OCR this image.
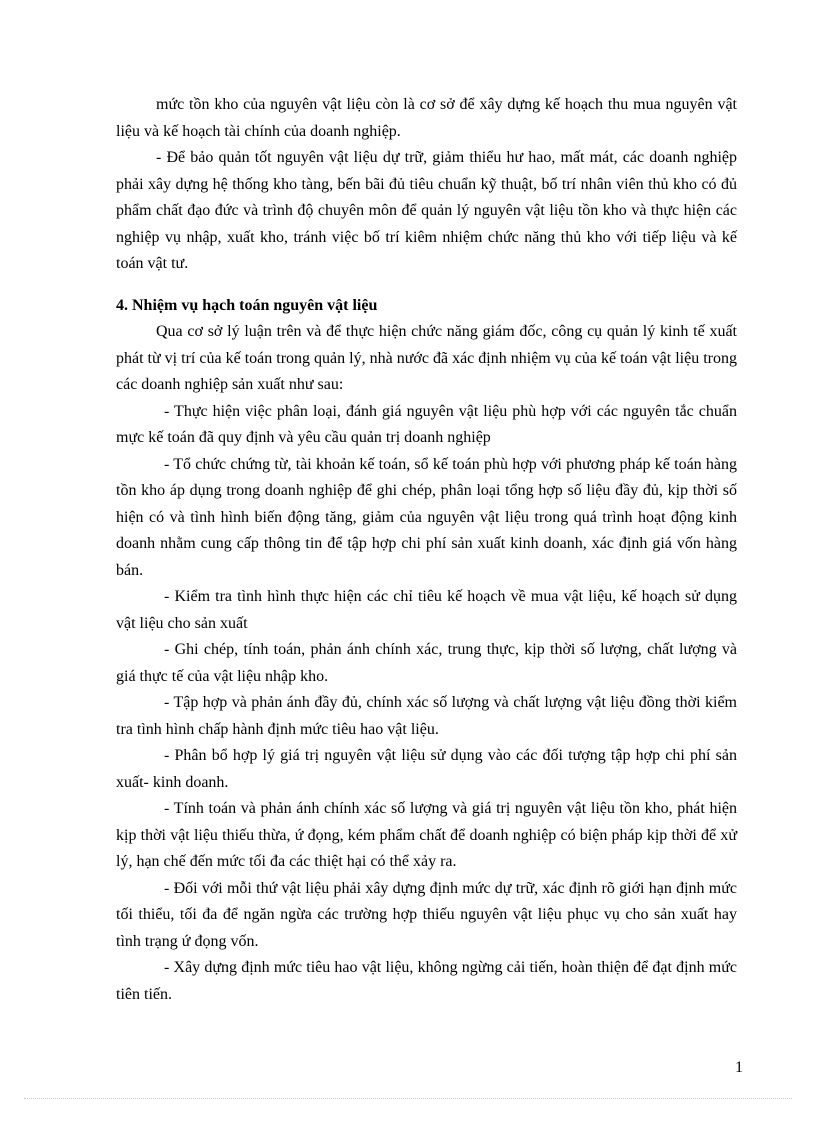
mức tồn kho của nguyên vật liệu còn là cơ sở để xây dựng kế hoạch thu mua nguyên vật liệu và kế hoạch tài chính của doanh nghiệp.

- Để bảo quản tốt nguyên vật liệu dự trữ, giảm thiểu hư hao, mất mát, các doanh nghiệp phải xây dựng hệ thống kho tàng, bến bãi đủ tiêu chuẩn kỹ thuật, bố trí nhân viên thủ kho có đủ phẩm chất đạo đức và trình độ chuyên môn để quản lý nguyên vật liệu tồn kho và thực hiện các nghiệp vụ nhập, xuất kho, tránh việc bố trí kiêm nhiệm chức năng thủ kho với tiếp liệu và kế toán vật tư.

4. Nhiệm vụ hạch toán nguyên vật liệu

Qua cơ sở lý luận trên và để thực hiện chức năng giám đốc, công cụ quản lý kinh tế xuất phát từ vị trí của kế toán trong quản lý, nhà nước đã xác định nhiệm vụ của kế toán vật liệu trong các doanh nghiệp sản xuất như sau:

- Thực hiện việc phân loại, đánh giá nguyên vật liệu phù hợp với các nguyên tắc chuẩn mực kế toán đã quy định và yêu cầu quản trị doanh nghiệp

- Tổ chức chứng từ, tài khoản kế toán, sổ kế toán phù hợp với phương pháp kế toán hàng tồn kho áp dụng trong doanh nghiệp để ghi chép, phân loại tổng hợp số liệu đầy đủ, kịp thời số hiện có và tình hình biến động tăng, giảm của nguyên vật liệu trong quá trình hoạt động kinh doanh nhằm cung cấp thông tin để tập hợp chi phí sản xuất kinh doanh, xác định giá vốn hàng bán.

- Kiểm tra tình hình thực hiện các chỉ tiêu kế hoạch về mua vật liệu, kế hoạch sử dụng vật liệu cho sản xuất

- Ghi chép, tính toán, phản ánh chính xác, trung thực, kịp thời số lượng, chất lượng và giá thực tế của vật liệu nhập kho.

- Tập hợp và phản ánh đầy đủ, chính xác số lượng và chất lượng vật liệu đồng thời kiểm tra tình hình chấp hành định mức tiêu hao vật liệu.

- Phân bổ hợp lý giá trị nguyên vật liệu sử dụng vào các đối tượng tập hợp chi phí sản xuất- kinh doanh.

- Tính toán và phản ánh chính xác số lượng và giá trị nguyên vật liệu tồn kho, phát hiện kịp thời vật liệu thiếu thừa, ứ đọng, kém phẩm chất để doanh nghiệp có biện pháp kịp thời để xử lý, hạn chế đến mức tối đa các thiệt hại có thể xảy ra.

- Đối với mỗi thứ vật liệu phải xây dựng định mức dự trữ, xác định rõ giới hạn định mức tối thiểu, tối đa để ngăn ngừa các trường hợp thiếu nguyên vật liệu phục vụ cho sản xuất hay tình trạng ứ đọng vốn.

- Xây dựng định mức tiêu hao vật liệu, không ngừng cải tiến, hoàn thiện để đạt định mức tiên tiến.

1
